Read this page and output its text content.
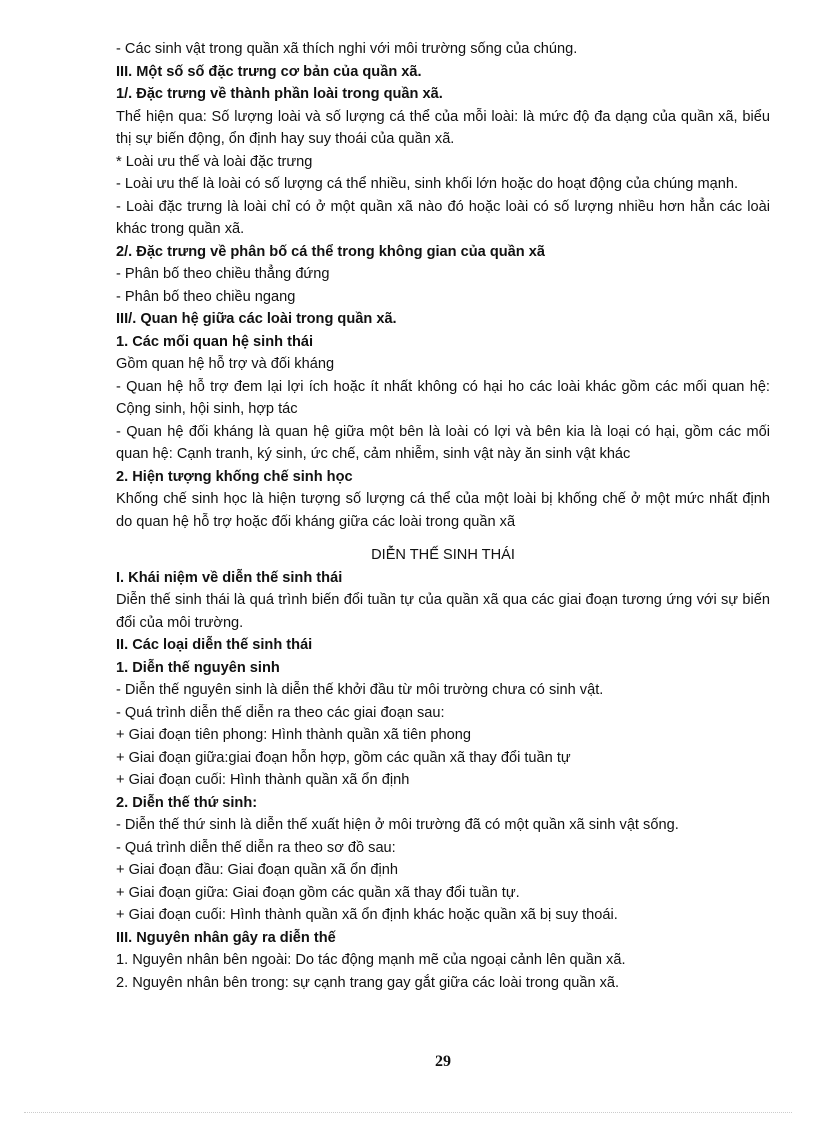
- Các sinh vật trong quần xã thích nghi với môi trường sống của chúng.

III. Một số số đặc trưng cơ bản của quần xã.

1/. Đặc trưng về thành phần loài trong quần xã.

Thể hiện qua: Số lượng loài và số lượng cá thể của mỗi loài: là mức độ đa dạng của quần xã, biểu thị sự biến động, ổn định hay suy thoái của quần xã.

* Loài ưu thế và loài đặc trưng

- Loài ưu thế là loài có số lượng cá thể nhiều, sinh khối lớn hoặc do hoạt động của chúng mạnh.

- Loài đặc trưng là loài chỉ có ở một quần xã nào đó hoặc loài có số lượng nhiều hơn hẳn các loài khác trong quần xã.

2/. Đặc trưng về phân bố cá thể trong không gian của quần xã

- Phân bố theo chiều thẳng đứng

- Phân bố theo chiều ngang

III/. Quan hệ giữa các loài trong quần xã.

1. Các mối quan hệ sinh thái

Gồm quan hệ hỗ trợ và đối kháng

- Quan hệ hỗ trợ đem lại lợi ích hoặc ít nhất không có hại ho các loài khác gồm các mối quan hệ: Cộng sinh, hội sinh, hợp tác

- Quan hệ đối kháng là quan hệ giữa một bên là loài có lợi và bên kia là loại có hại, gồm các mối quan hệ: Cạnh tranh, ký sinh, ức chế, cảm nhiễm, sinh vật này ăn sinh vật khác

2. Hiện tượng khống chế sinh học

Khống chế sinh học là hiện tượng số lượng cá thể của một loài bị khống chế ở một mức nhất định do quan hệ hỗ trợ hoặc đối kháng giữa các loài trong quần xã

DIỄN THẾ SINH THÁI

I. Khái niệm về diễn thế sinh thái

Diễn thế sinh thái là quá trình biến đổi tuần tự của quần xã qua các giai đoạn tương ứng với sự biến đổi của môi trường.

II. Các loại diễn thế sinh thái

1. Diễn thế nguyên sinh

- Diễn thế nguyên sinh là diễn thế khởi đầu từ môi trường chưa có sinh vật.

- Quá trình diễn thế diễn ra theo các giai đoạn sau:

+ Giai đoạn tiên phong: Hình thành quần xã tiên phong

+ Giai đoạn giữa:giai đoạn hỗn hợp, gồm các quần xã thay đổi tuần tự

+ Giai đoạn cuối: Hình thành quần xã ổn định

2. Diễn thế thứ sinh:

- Diễn thế thứ sinh là diễn thế xuất hiện ở môi trường đã có một quần xã sinh vật sống.

- Quá trình diễn thế diễn ra theo sơ đồ sau:

+ Giai đoạn đầu: Giai đoạn quần xã ổn định

+ Giai đoạn giữa: Giai đoạn gồm các quần xã thay đổi tuần tự.

+ Giai đoạn cuối: Hình thành quần xã ổn định khác hoặc quần xã bị suy thoái.

III. Nguyên nhân gây ra diễn thế

1. Nguyên nhân bên ngoài: Do tác động mạnh mẽ của ngoại cảnh lên quần xã.

2. Nguyên nhân bên trong: sự cạnh trang gay gắt giữa các loài trong quần xã.

29
